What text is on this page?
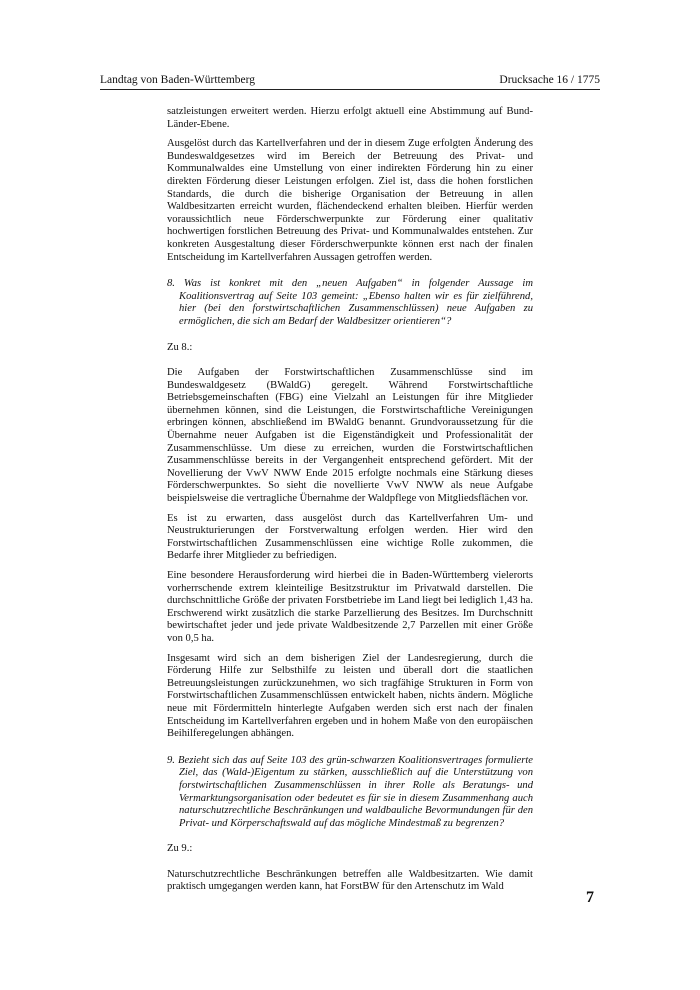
Landtag von Baden-Württemberg	Drucksache 16 / 1775

satzleistungen erweitert werden. Hierzu erfolgt aktuell eine Abstimmung auf Bund-Länder-Ebene.

Ausgelöst durch das Kartellverfahren und der in diesem Zuge erfolgten Änderung des Bundeswaldgesetzes wird im Bereich der Betreuung des Privat- und Kommunalwaldes eine Umstellung von einer indirekten Förderung hin zu einer direkten Förderung dieser Leistungen erfolgen. Ziel ist, dass die hohen forstlichen Standards, die durch die bisherige Organisation der Betreuung in allen Waldbesitzarten erreicht wurden, flächendeckend erhalten bleiben. Hierfür werden voraussichtlich neue Förderschwerpunkte zur Förderung einer qualitativ hochwertigen forstlichen Betreuung des Privat- und Kommunalwaldes entstehen. Zur konkreten Ausgestaltung dieser Förderschwerpunkte können erst nach der finalen Entscheidung im Kartellverfahren Aussagen getroffen werden.

8. Was ist konkret mit den „neuen Aufgaben“ in folgender Aussage im Koalitionsvertrag auf Seite 103 gemeint: „Ebenso halten wir es für zielführend, hier (bei den forstwirtschaftlichen Zusammenschlüssen) neue Aufgaben zu ermöglichen, die sich am Bedarf der Waldbesitzer orientieren“?

Zu 8.:

Die Aufgaben der Forstwirtschaftlichen Zusammenschlüsse sind im Bundeswaldgesetz (BWaldG) geregelt. Während Forstwirtschaftliche Betriebsgemeinschaften (FBG) eine Vielzahl an Leistungen für ihre Mitglieder übernehmen können, sind die Leistungen, die Forstwirtschaftliche Vereinigungen erbringen können, abschließend im BWaldG benannt. Grundvoraussetzung für die Übernahme neuer Aufgaben ist die Eigenständigkeit und Professionalität der Zusammenschlüsse. Um diese zu erreichen, wurden die Forstwirtschaftlichen Zusammenschlüsse bereits in der Vergangenheit entsprechend gefördert. Mit der Novellierung der VwV NWW Ende 2015 erfolgte nochmals eine Stärkung dieses Förderschwerpunktes. So sieht die novellierte VwV NWW als neue Aufgabe beispielsweise die vertragliche Übernahme der Waldpflege von Mitgliedsflächen vor.

Es ist zu erwarten, dass ausgelöst durch das Kartellverfahren Um- und Neustrukturierungen der Forstverwaltung erfolgen werden. Hier wird den Forstwirtschaftlichen Zusammenschlüssen eine wichtige Rolle zukommen, die Bedarfe ihrer Mitglieder zu befriedigen.

Eine besondere Herausforderung wird hierbei die in Baden-Württemberg vielerorts vorherrschende extrem kleinteilige Besitzstruktur im Privatwald darstellen. Die durchschnittliche Größe der privaten Forstbetriebe im Land liegt bei lediglich 1,43 ha. Erschwerend wirkt zusätzlich die starke Parzellierung des Besitzes. Im Durchschnitt bewirtschaftet jeder und jede private Waldbesitzende 2,7 Parzellen mit einer Größe von 0,5 ha.

Insgesamt wird sich an dem bisherigen Ziel der Landesregierung, durch die Förderung Hilfe zur Selbsthilfe zu leisten und überall dort die staatlichen Betreuungsleistungen zurückzunehmen, wo sich tragfähige Strukturen in Form von Forstwirtschaftlichen Zusammenschlüssen entwickelt haben, nichts ändern. Mögliche neue mit Fördermitteln hinterlegte Aufgaben werden sich erst nach der finalen Entscheidung im Kartellverfahren ergeben und in hohem Maße von den europäischen Beihilferegelungen abhängen.

9. Bezieht sich das auf Seite 103 des grün-schwarzen Koalitionsvertrages formulierte Ziel, das (Wald-)Eigentum zu stärken, ausschließlich auf die Unterstützung von forstwirtschaftlichen Zusammenschlüssen in ihrer Rolle als Beratungs- und Vermarktungsorganisation oder bedeutet es für sie in diesem Zusammenhang auch naturschutzrechtliche Beschränkungen und waldbauliche Bevormundungen für den Privat- und Körperschaftswald auf das mögliche Mindestmaß zu begrenzen?

Zu 9.:

Naturschutzrechtliche Beschränkungen betreffen alle Waldbesitzarten. Wie damit praktisch umgegangen werden kann, hat ForstBW für den Artenschutz im Wald

7
